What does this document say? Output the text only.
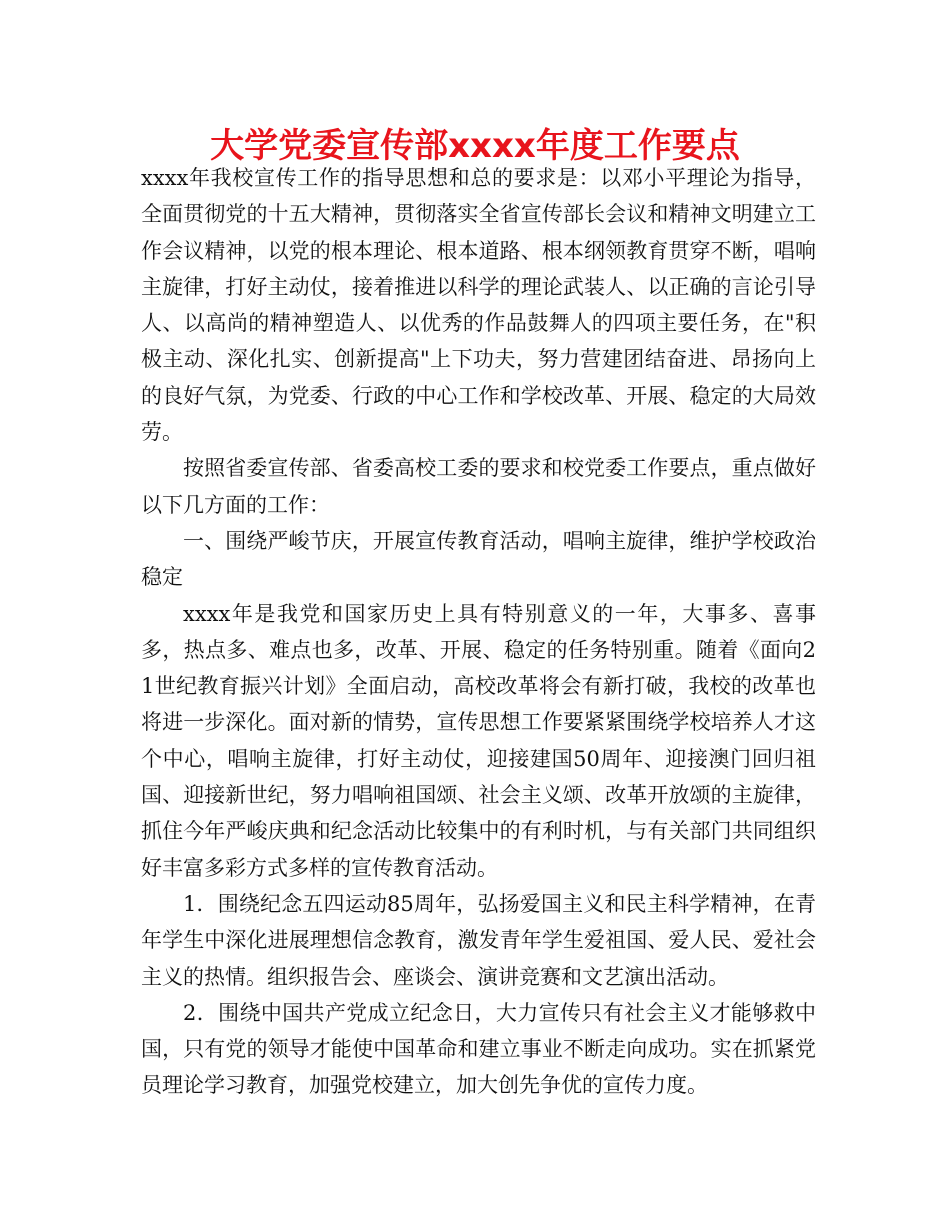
大学党委宣传部xxxx年度工作要点

xxxx年我校宣传工作的指导思想和总的要求是：以邓小平理论为指导，全面贯彻党的十五大精神，贯彻落实全省宣传部长会议和精神文明建立工作会议精神，以党的根本理论、根本道路、根本纲领教育贯穿不断，唱响主旋律，打好主动仗，接着推进以科学的理论武装人、以正确的言论引导人、以高尚的精神塑造人、以优秀的作品鼓舞人的四项主要任务，在"积极主动、深化扎实、创新提高"上下功夫，努力营建团结奋进、昂扬向上的良好气氛，为党委、行政的中心工作和学校改革、开展、稳定的大局效劳。

按照省委宣传部、省委高校工委的要求和校党委工作要点，重点做好以下几方面的工作：

一、围绕严峻节庆，开展宣传教育活动，唱响主旋律，维护学校政治稳定

xxxx年是我党和国家历史上具有特别意义的一年，大事多、喜事多，热点多、难点也多，改革、开展、稳定的任务特别重。随着《面向21世纪教育振兴计划》全面启动，高校改革将会有新打破，我校的改革也将进一步深化。面对新的情势，宣传思想工作要紧紧围绕学校培养人才这个中心，唱响主旋律，打好主动仗，迎接建国50周年、迎接澳门回归祖国、迎接新世纪，努力唱响祖国颂、社会主义颂、改革开放颂的主旋律，抓住今年严峻庆典和纪念活动比较集中的有利时机，与有关部门共同组织好丰富多彩方式多样的宣传教育活动。

1．围绕纪念五四运动85周年，弘扬爱国主义和民主科学精神，在青年学生中深化进展理想信念教育，激发青年学生爱祖国、爱人民、爱社会主义的热情。组织报告会、座谈会、演讲竞赛和文艺演出活动。

2．围绕中国共产党成立纪念日，大力宣传只有社会主义才能够救中国，只有党的领导才能使中国革命和建立事业不断走向成功。实在抓紧党员理论学习教育，加强党校建立，加大创先争优的宣传力度。
